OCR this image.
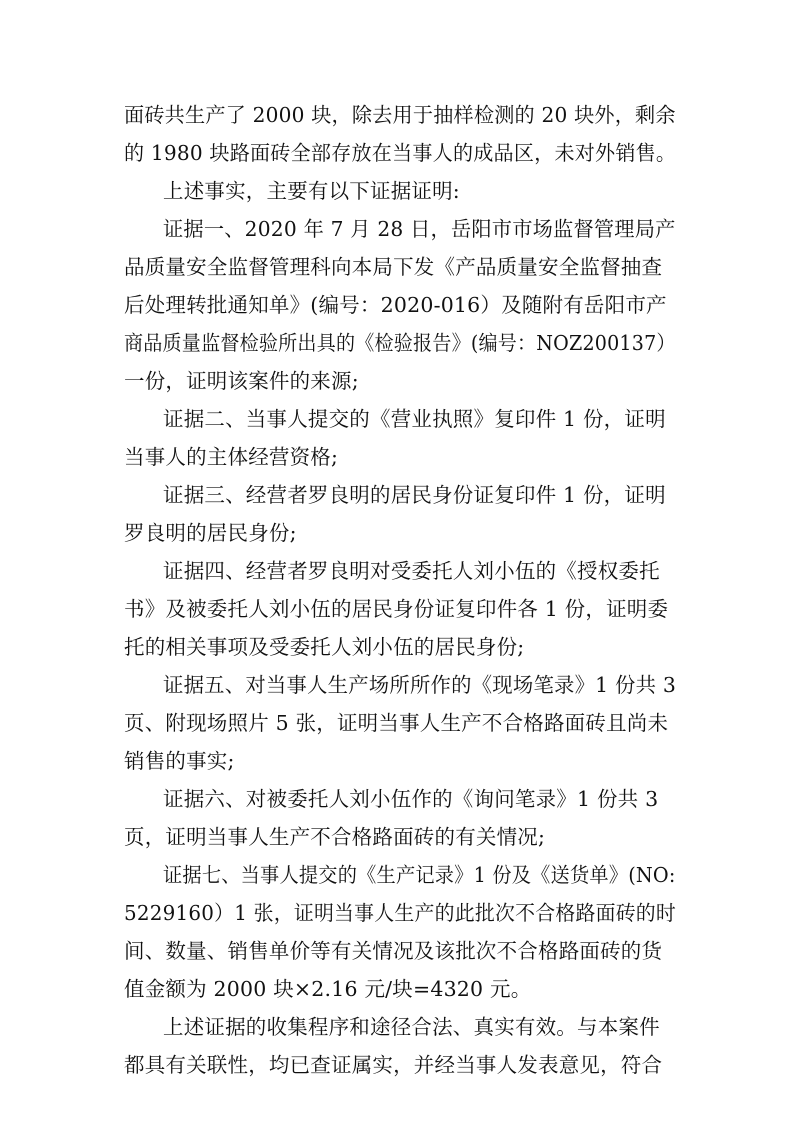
面砖共生产了 2000 块，除去用于抽样检测的 20 块外，剩余
的 1980 块路面砖全部存放在当事人的成品区，未对外销售。
上述事实，主要有以下证据证明:
证据一、2020 年 7 月 28 日，岳阳市市场监督管理局产
品质量安全监督管理科向本局下发《产品质量安全监督抽查
后处理转批通知单》(编号：2020-016）及随附有岳阳市产
商品质量监督检验所出具的《检验报告》(编号：NOZ200137）
一份，证明该案件的来源;
证据二、当事人提交的《营业执照》复印件 1 份，证明
当事人的主体经营资格;
证据三、经营者罗良明的居民身份证复印件 1 份，证明
罗良明的居民身份;
证据四、经营者罗良明对受委托人刘小伍的《授权委托
书》及被委托人刘小伍的居民身份证复印件各 1 份，证明委
托的相关事项及受委托人刘小伍的居民身份;
证据五、对当事人生产场所所作的《现场笔录》1 份共 3
页、附现场照片 5 张，证明当事人生产不合格路面砖且尚未
销售的事实;
证据六、对被委托人刘小伍作的《询问笔录》1 份共 3
页，证明当事人生产不合格路面砖的有关情况;
证据七、当事人提交的《生产记录》1 份及《送货单》(NO:
5229160）1 张，证明当事人生产的此批次不合格路面砖的时
间、数量、销售单价等有关情况及该批次不合格路面砖的货
值金额为 2000 块×2.16 元/块=4320 元。
上述证据的收集程序和途径合法、真实有效。与本案件
都具有关联性，均已查证属实，并经当事人发表意见，符合
